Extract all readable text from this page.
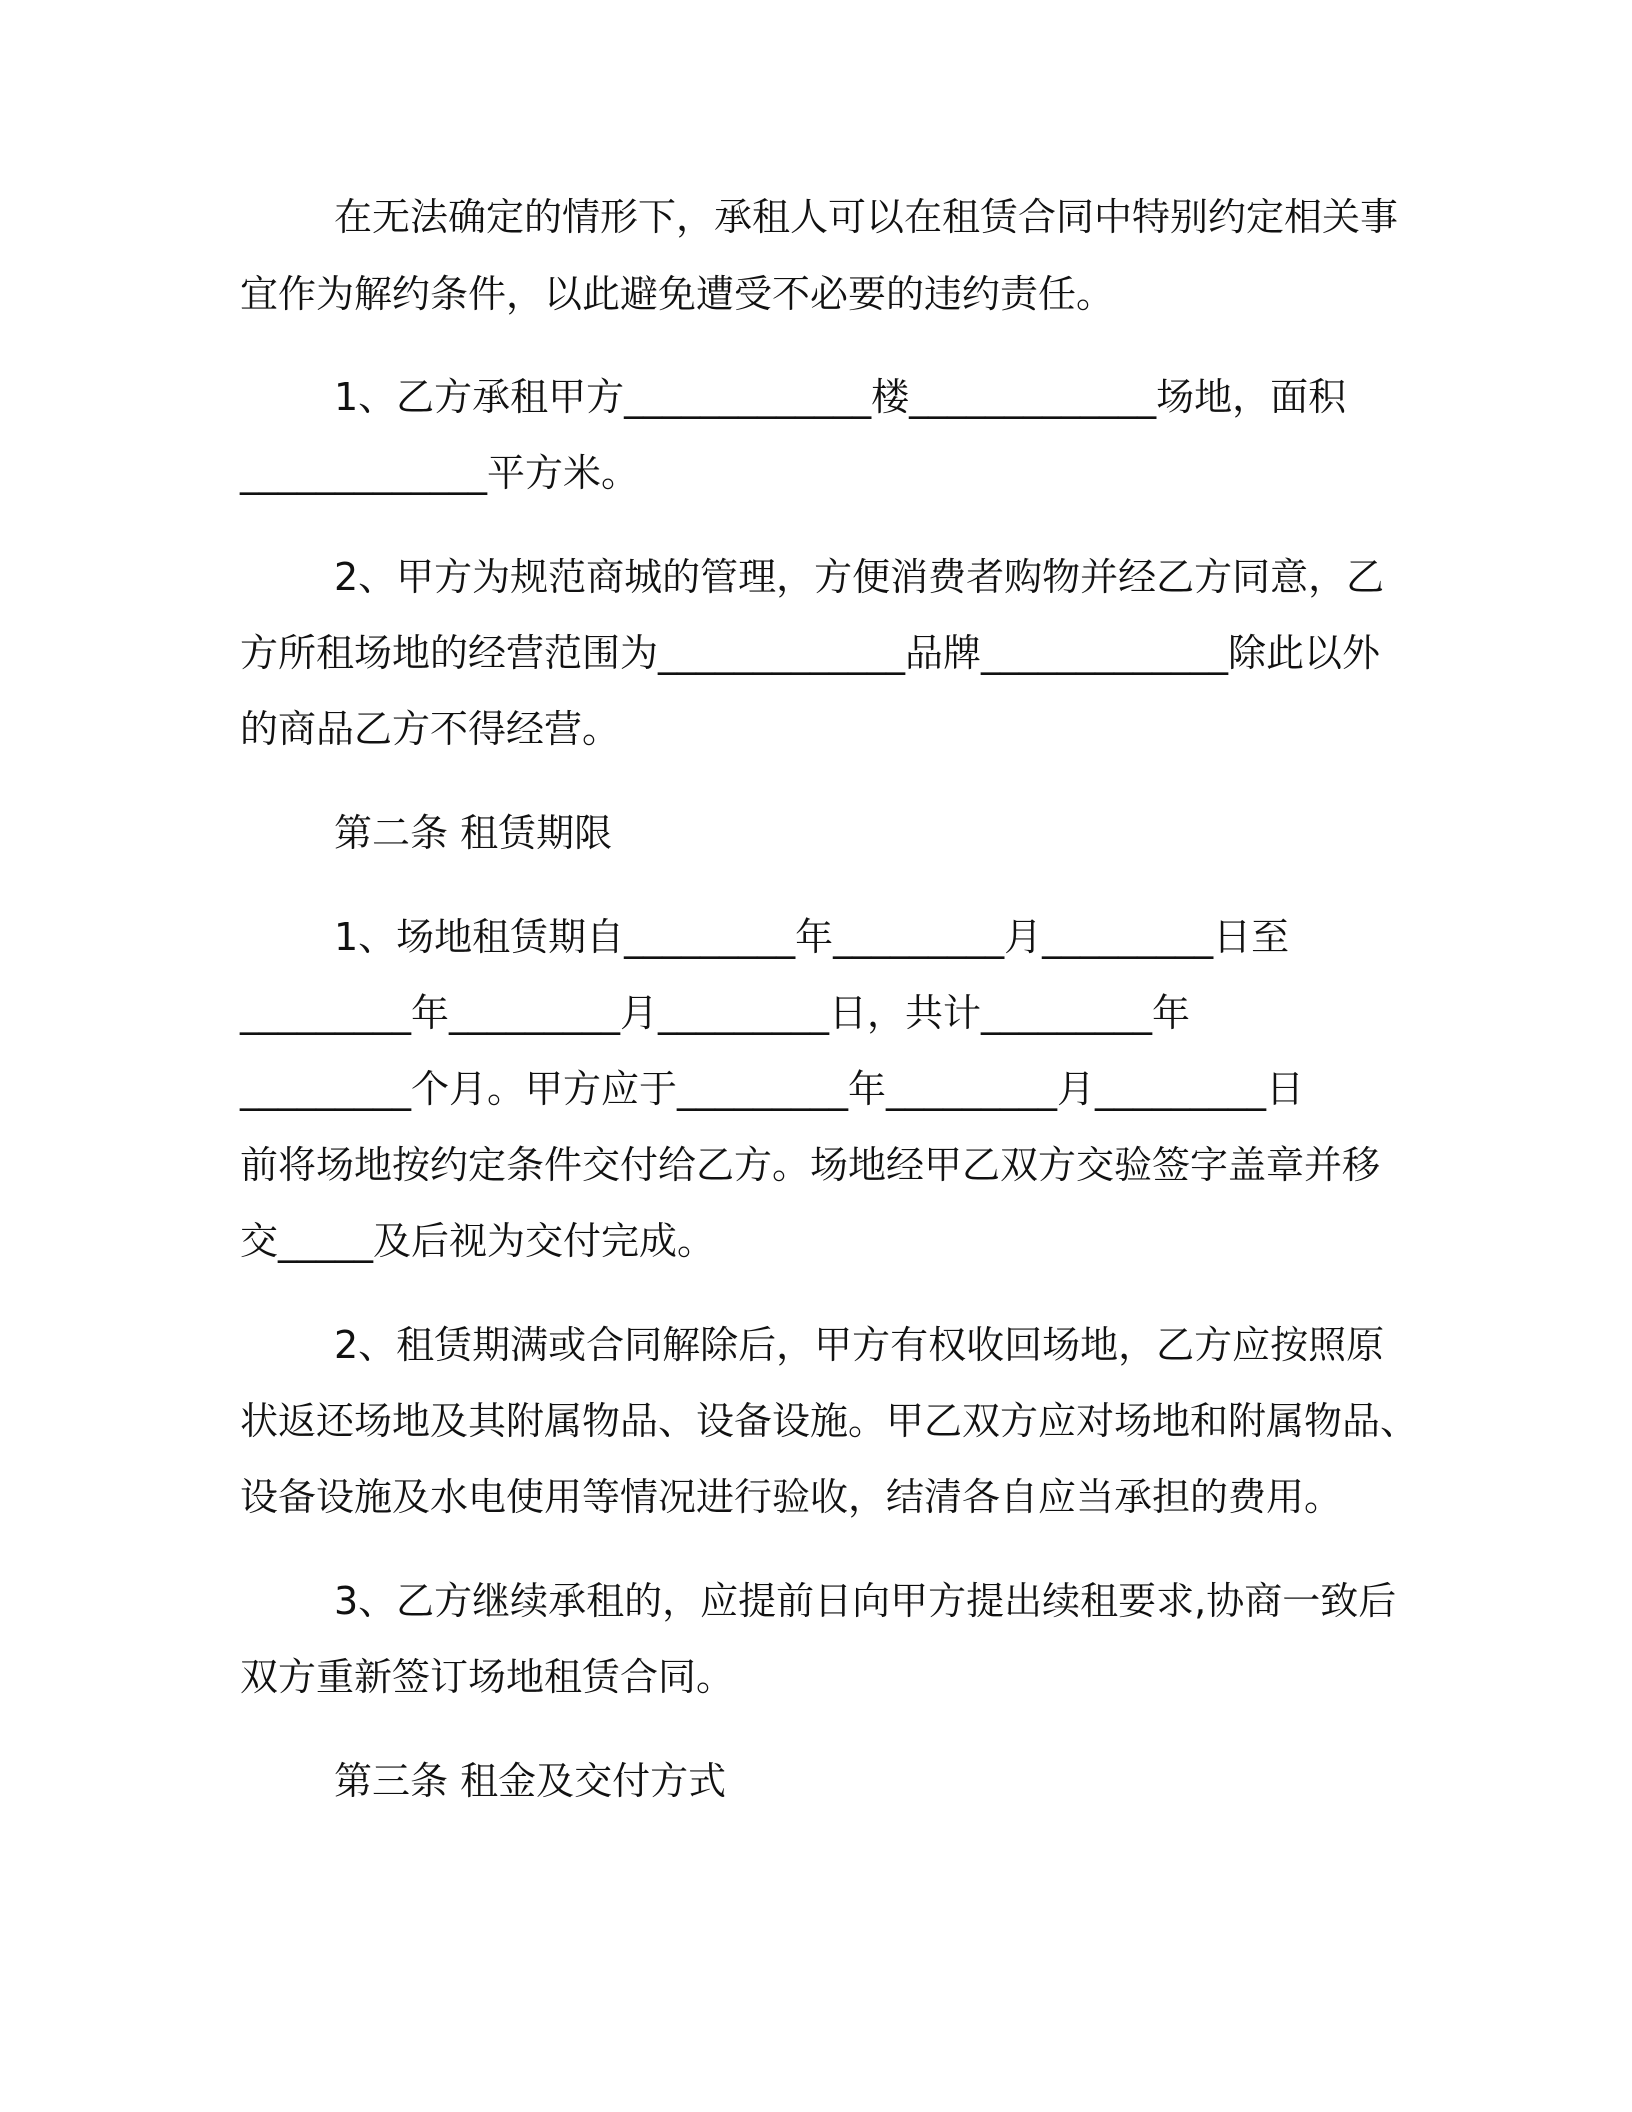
在无法确定的情形下，承租人可以在租赁合同中特别约定相关事
宜作为解约条件，以此避免遭受不必要的违约责任。
1、乙方承租甲方_____________楼_____________场地，面积
_____________平方米。
2、甲方为规范商城的管理，方便消费者购物并经乙方同意，乙
方所租场地的经营范围为_____________品牌_____________除此以外
的商品乙方不得经营。
第二条 租赁期限
1、场地租赁期自_________年_________月_________日至
_________年_________月_________日，共计_________年
_________个月。甲方应于_________年_________月_________日
前将场地按约定条件交付给乙方。场地经甲乙双方交验签字盖章并移
交_____及后视为交付完成。
2、租赁期满或合同解除后，甲方有权收回场地，乙方应按照原
状返还场地及其附属物品、设备设施。甲乙双方应对场地和附属物品、
设备设施及水电使用等情况进行验收，结清各自应当承担的费用。
3、乙方继续承租的，应提前日向甲方提出续租要求,协商一致后
双方重新签订场地租赁合同。
第三条 租金及交付方式
